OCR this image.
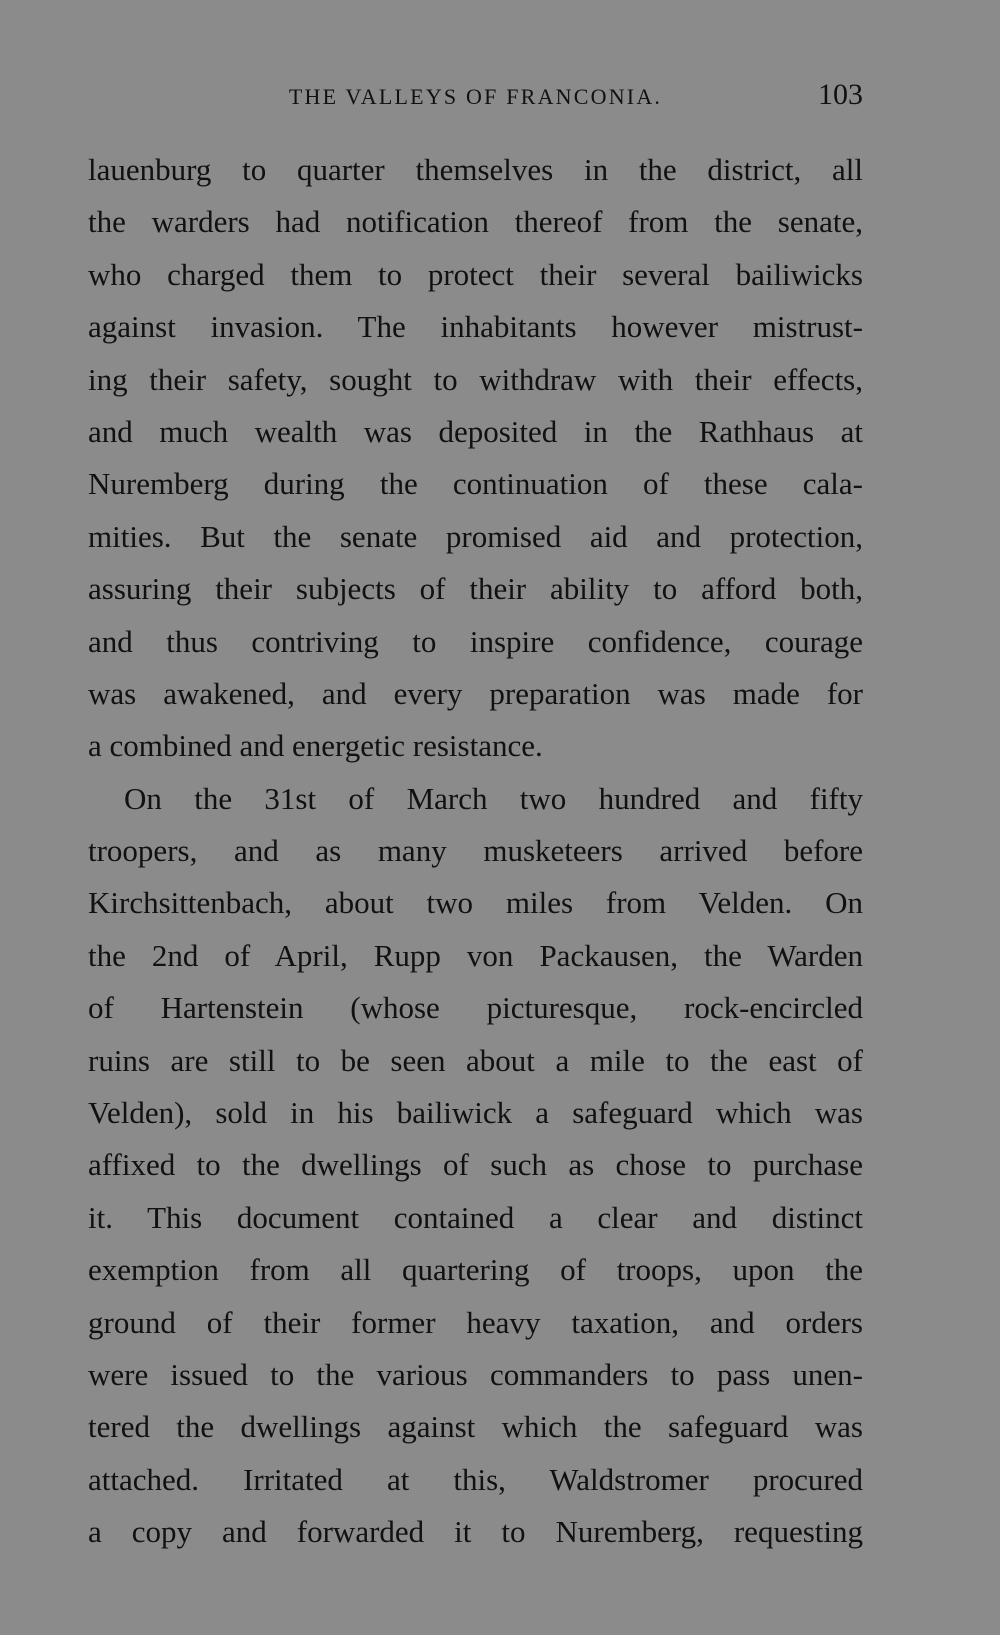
THE VALLEYS OF FRANCONIA.	103
lauenburg to quarter themselves in the district, all
the warders had notification thereof from the senate,
who charged them to protect their several bailiwicks
against invasion. The inhabitants however mistrust-
ing their safety, sought to withdraw with their effects,
and much wealth was deposited in the Rathhaus at
Nuremberg during the continuation of these cala-
mities. But the senate promised aid and protection,
assuring their subjects of their ability to afford both,
and thus contriving to inspire confidence, courage
was awakened, and every preparation was made for
a combined and energetic resistance.
On the 31st of March two hundred and fifty
troopers, and as many musketeers arrived before
Kirchsittenbach, about two miles from Velden. On
the 2nd of April, Rupp von Packausen, the Warden
of Hartenstein (whose picturesque, rock-encircled
ruins are still to be seen about a mile to the east of
Velden), sold in his bailiwick a safeguard which was
affixed to the dwellings of such as chose to purchase
it. This document contained a clear and distinct
exemption from all quartering of troops, upon the
ground of their former heavy taxation, and orders
were issued to the various commanders to pass unen-
tered the dwellings against which the safeguard was
attached. Irritated at this, Waldstromer procured
a copy and forwarded it to Nuremberg, requesting
